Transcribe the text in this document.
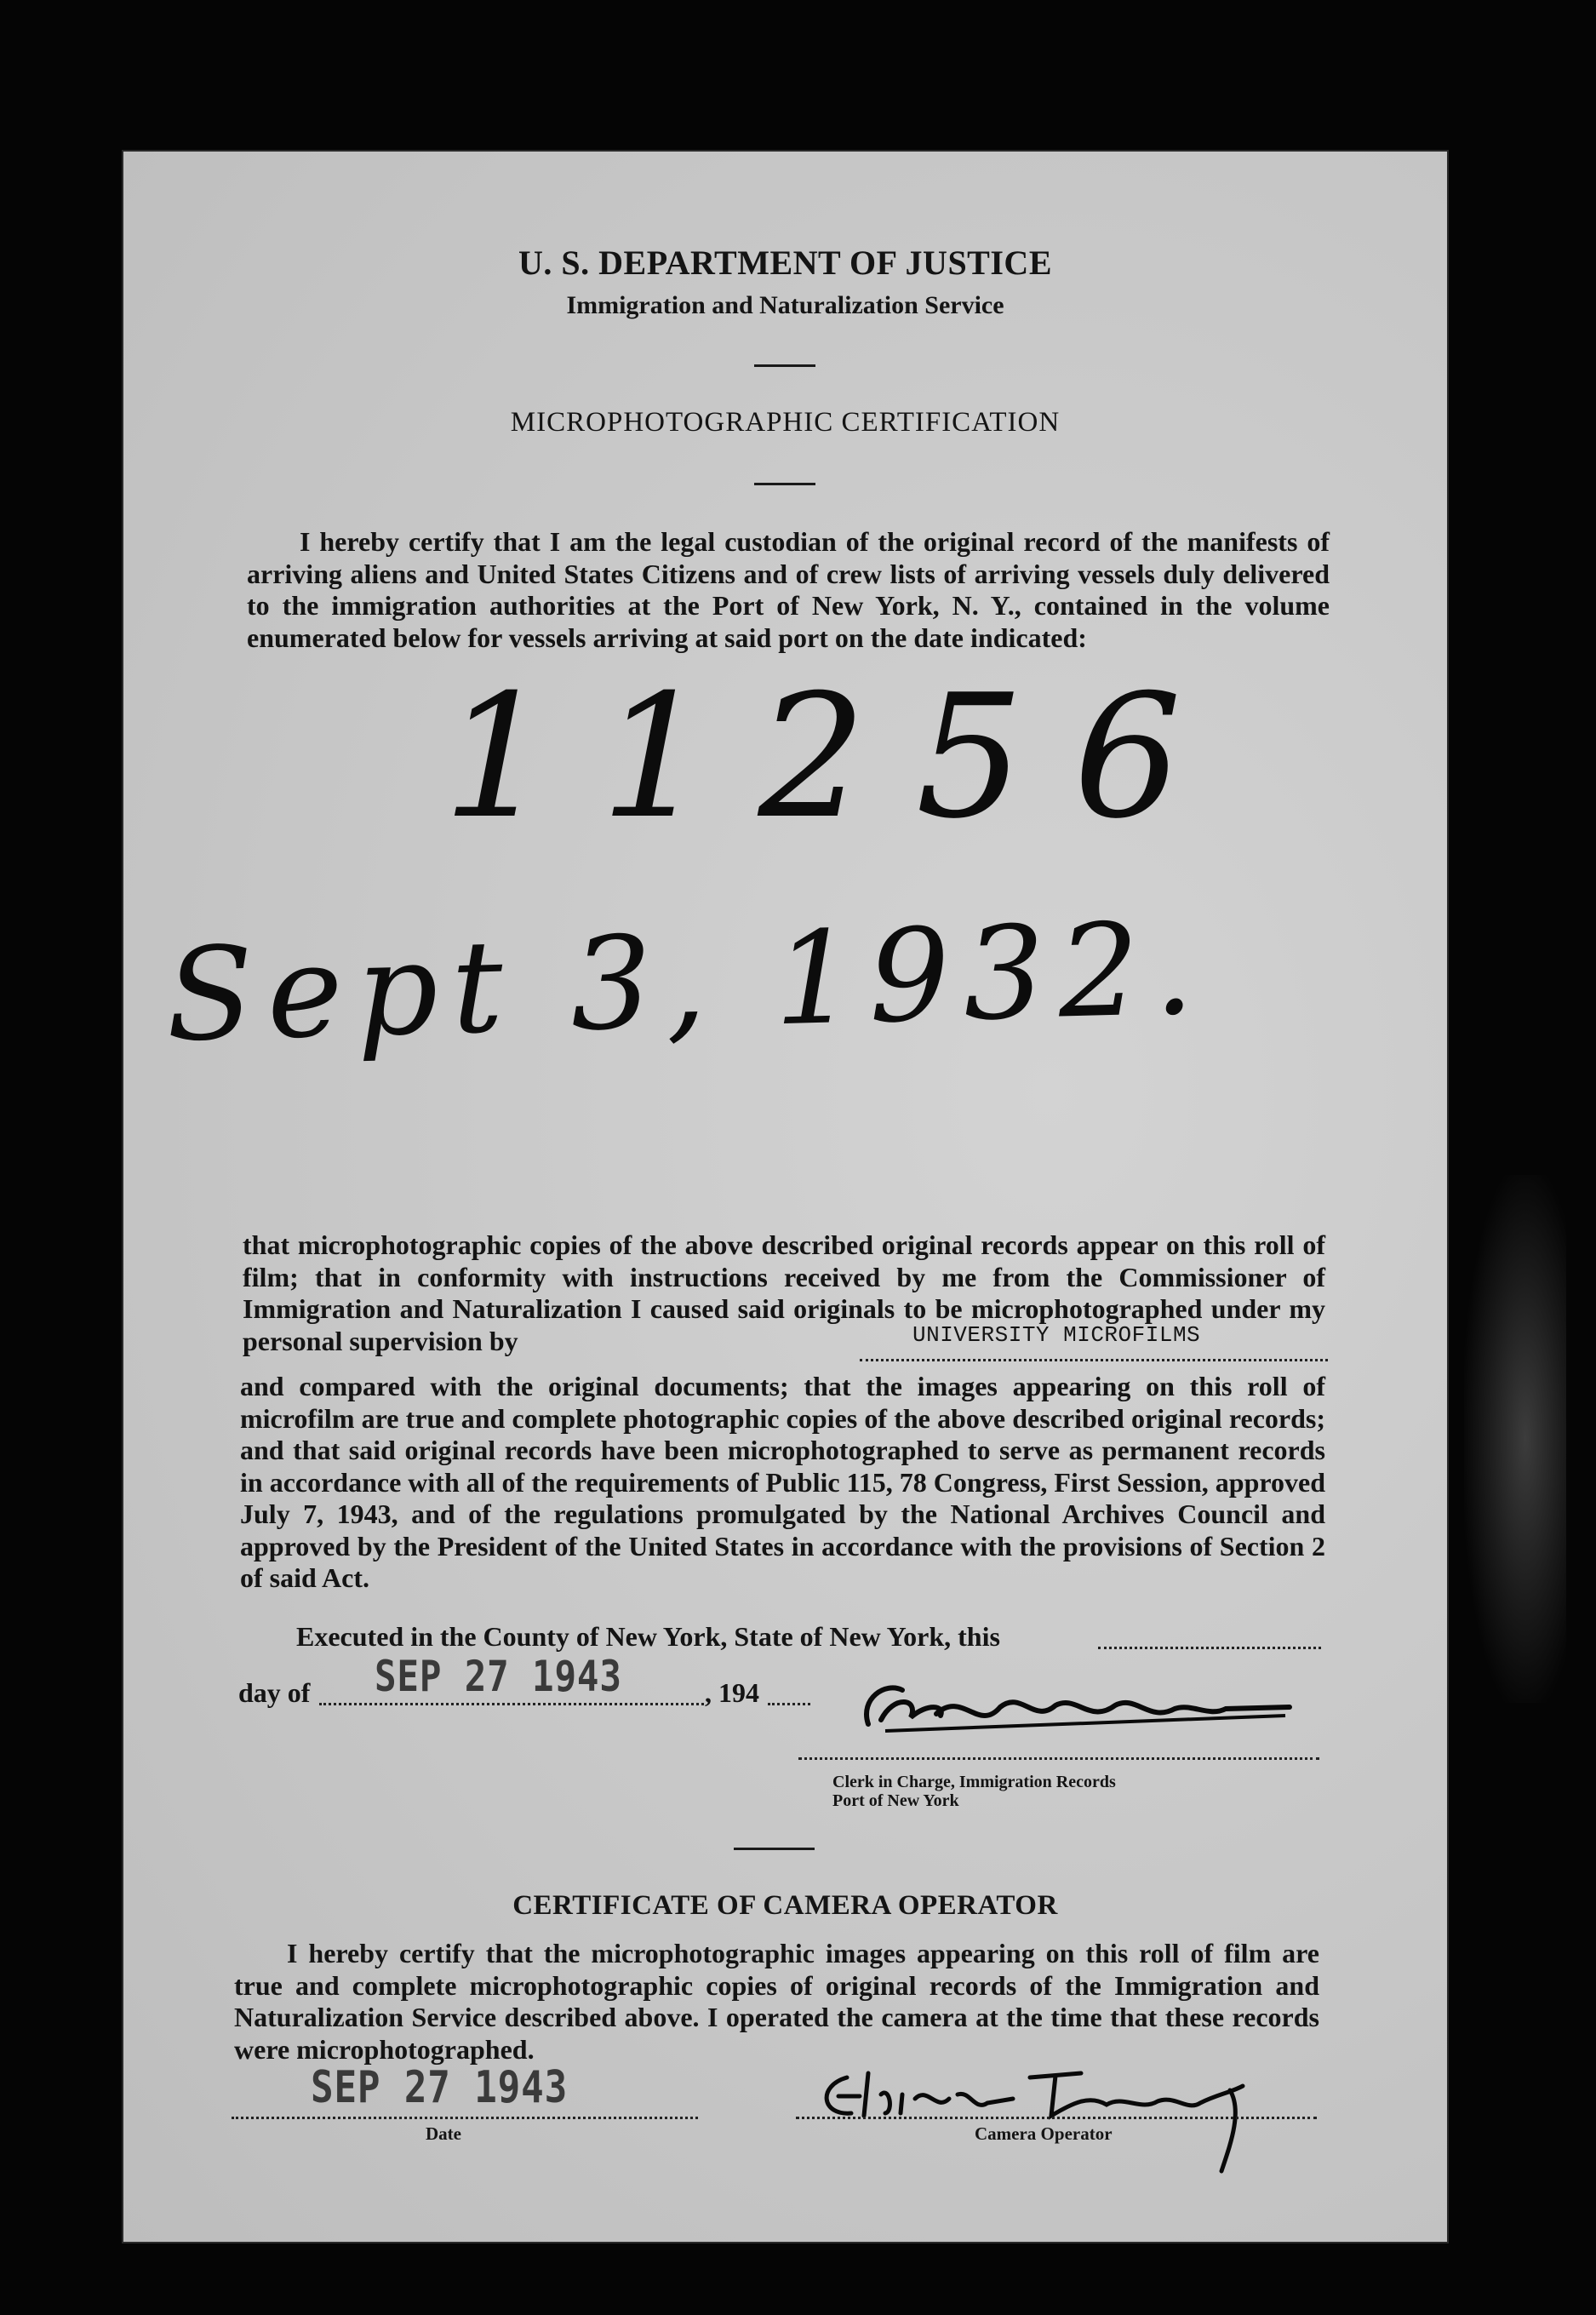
U. S. DEPARTMENT OF JUSTICE
Immigration and Naturalization Service
MICROPHOTOGRAPHIC CERTIFICATION
I hereby certify that I am the legal custodian of the original record of the manifests of arriving aliens and United States Citizens and of crew lists of arriving vessels duly delivered to the immigration authorities at the Port of New York, N. Y., contained in the volume enumerated below for vessels arriving at said port on the date indicated:
11256
Sept 3, 1932.
that microphotographic copies of the above described original records appear on this roll of film; that in conformity with instructions received by me from the Commissioner of Immigration and Naturalization I caused said originals to be microphotographed under my personal supervision by	UNIVERSITY MICROFILMS
and compared with the original documents; that the images appearing on this roll of microfilm are true and complete photographic copies of the above described original records; and that said original records have been microphotographed to serve as permanent records in accordance with all of the requirements of Public 115, 78 Congress, First Session, approved July 7, 1943, and of the regulations promulgated by the National Archives Council and approved by the President of the United States in accordance with the provisions of Section 2 of said Act.
Executed in the County of New York, State of New York, this
day of SEP 27 1943	, 194
Clerk in Charge, Immigration Records
Port of New York
CERTIFICATE OF CAMERA OPERATOR
I hereby certify that the microphotographic images appearing on this roll of film are true and complete microphotographic copies of original records of the Immigration and Naturalization Service described above. I operated the camera at the time that these records were microphotographed.
SEP 27 1943
Date	Camera Operator
